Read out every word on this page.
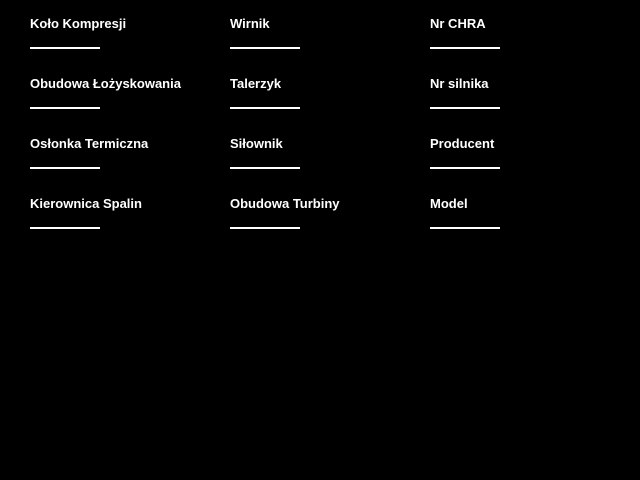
Koło Kompresji
Obudowa Łożyskowania
Osłonka Termiczna
Kierownica Spalin
Wirnik
Talerzyk
Siłownik
Obudowa Turbiny
Nr CHRA
Nr silnika
Producent
Model
